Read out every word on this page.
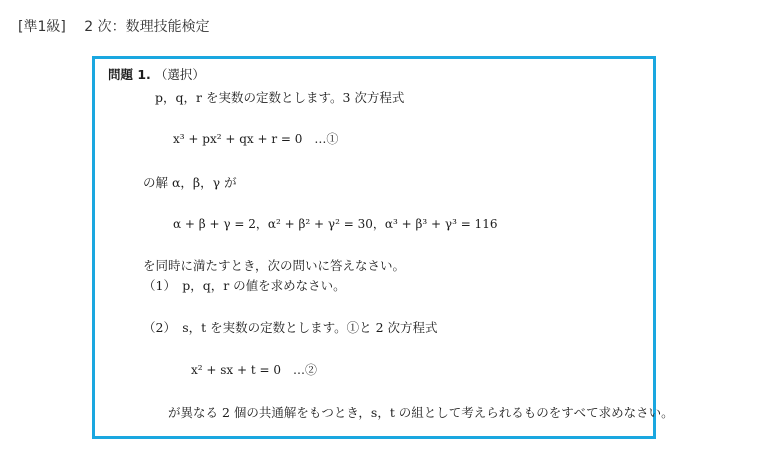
[準1級] 2 次：数理技能検定
問題 1. （選択）
p，q，r を実数の定数とします。3 次方程式
x³ + px² + qx + r = 0　…①
の解 α，β，γ が
α + β + γ = 2，α² + β² + γ² = 30，α³ + β³ + γ³ = 116
を同時に満たすとき，次の問いに答えなさい。
（1）　p，q，r の値を求めなさい。
（2）　s，t を実数の定数とします。①と 2 次方程式
x² + sx + t = 0　…②
が異なる 2 個の共通解をもつとき，s，t の組として考えられるものをすべて求めなさい。
